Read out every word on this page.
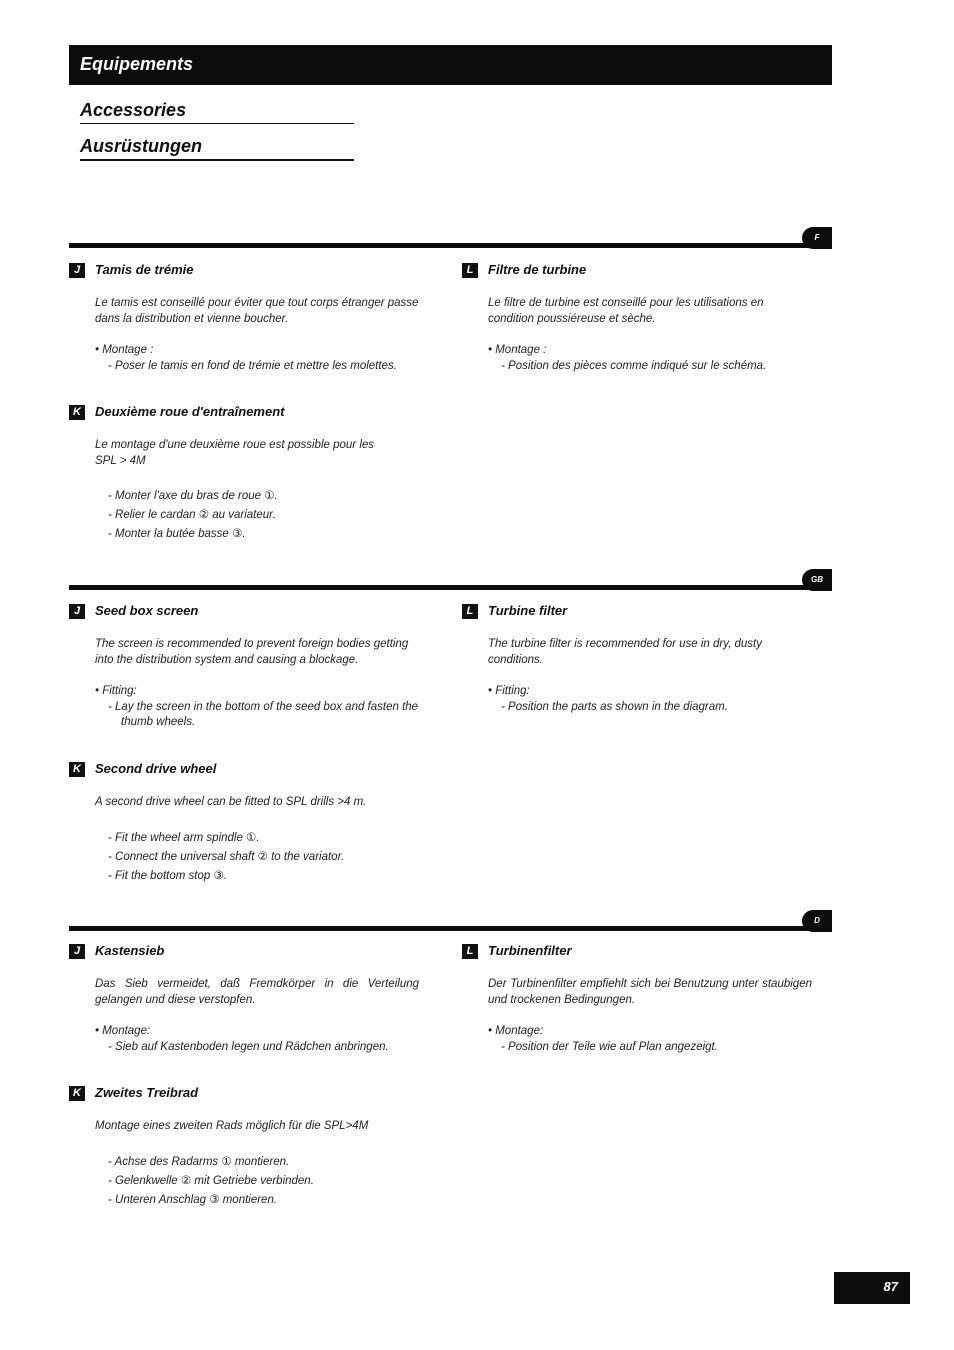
Equipements
Accessories
Ausrüstungen
F
J	Tamis de trémie
Le tamis est conseillé pour éviter que tout corps étranger passe dans la distribution et vienne boucher.
• Montage :
- Poser le tamis en fond de trémie et mettre les molettes.
L	Filtre de turbine
Le filtre de turbine est conseillé pour les utilisations en condition poussiéreuse et sèche.
• Montage :
- Position des pièces comme indiqué sur le schéma.
K	Deuxième roue d'entraînement
Le montage d'une deuxième roue est possible pour les SPL > 4M
- Monter l'axe du bras de roue ①.
- Relier le cardan ② au variateur.
- Monter la butée basse ③.
GB
J	Seed box screen
The screen is recommended to prevent foreign bodies getting into the distribution system and causing a blockage.
• Fitting:
- Lay the screen in the bottom of the seed box and fasten the thumb wheels.
L	Turbine filter
The turbine filter is recommended for use in dry, dusty conditions.
• Fitting:
- Position the parts as shown in the diagram.
K	Second drive wheel
A second drive wheel can be fitted to SPL drills >4 m.
- Fit the wheel arm spindle ①.
- Connect the universal shaft ② to the variator.
- Fit the bottom stop ③.
D
J	Kastensieb
Das Sieb vermeidet, daß Fremdkörper in die Verteilung gelangen und diese verstopfen.
• Montage:
- Sieb auf Kastenboden legen und Rädchen anbringen.
L	Turbinenfilter
Der Turbinenfilter empfiehlt sich bei Benutzung unter staubigen und trockenen Bedingungen.
• Montage:
- Position der Teile wie auf Plan angezeigt.
K	Zweites Treibrad
Montage eines zweiten Rads möglich für die SPL>4M
- Achse des Radarms ① montieren.
- Gelenkwelle ② mit Getriebe verbinden.
- Unteren Anschlag ③ montieren.
87
